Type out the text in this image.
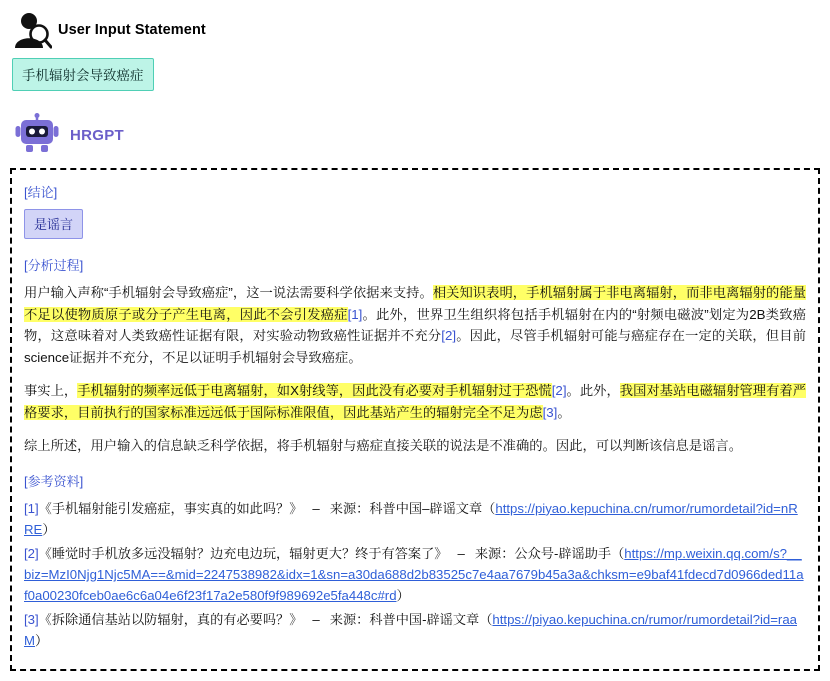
User Input Statement
手机辐射会导致癌症
HRGPT
[结论]
是谣言
[分析过程]

用户输入声称“手机辐射会导致癌症”，这一说法需要科学依据来支持。相关知识表明，手机辐射属于非电离辐射，而非电离辐射的能量不足以使物质原子或分子产生电离，因此不会引发癌症[1]。此外，世界卫生组织将包括手机辐射在内的“射频电磁波”划定为2B类致癌物，这意味着对人类致癌性证据有限，对实验动物致癌性证据并不充分[2]。因此，尽管手机辐射可能与癌症存在一定的关联，但目前science证据并不充分，不足以证明手机辐射会导致癌症。

事实上，手机辐射的频率远低于电离辐射，如X射线等，因此没有必要对手机辐射过于恐慌[2]。此外，我国对基站电磁辐射管理有着严格要求，目前执行的国家标准远远低于国际标准限值，因此基站产生的辐射完全不足为虑[3]。

综上所述，用户输入的信息缺乏科学依据，将手机辐射与癌症直接关联的说法是不准确的。因此，可以判断该信息是谣言。

[参考资料]
[1]《手机辐射能引发癌症，事实真的如此吗？》 – 来源：科普中国–辟谣文章（https://piyao.kepuchina.cn/rumor/rumordetail?id=nRRE）
[2]《睡觉时手机放多远没辐射？边充电边玩，辐射更大？终于有答案了》 – 来源：公众号-辟谣助手（https://mp.weixin.qq.com/s?__biz=MzI0Njg1Njc5MA==&mid=2247538982&idx=1&sn=a30da688d2b83525c7e4aa7679b45a3a&chksm=e9baf41fdecd7d0966ded11af0a00230fceb0ae6c6a04e6f23f17a2e580f9f989692e5fa448c#rd）
[3]《拆除通信基站以防辐射，真的有必要吗？》 – 来源：科普中国-辟谣文章（https://piyao.kepuchina.cn/rumor/rumordetail?id=raaM）
